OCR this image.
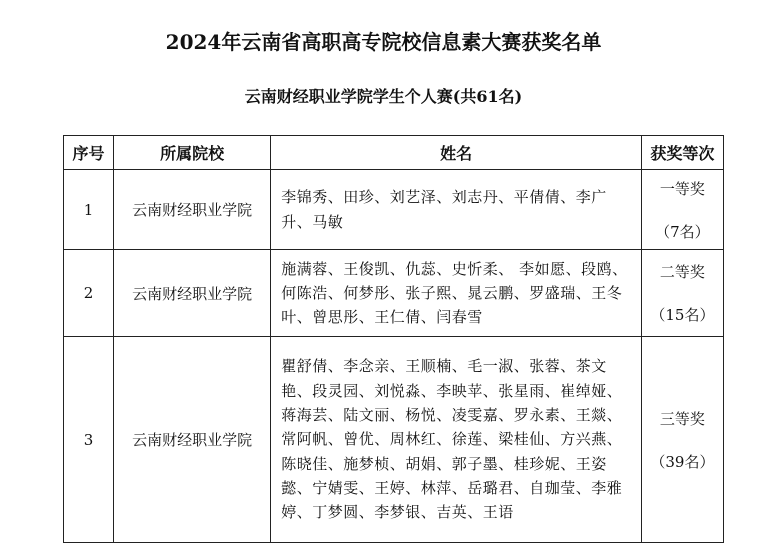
2024年云南省高职高专院校信息素大赛获奖名单
云南财经职业学院学生个人赛(共61名)
序号	所属院校	姓名	获奖等次
1	云南财经职业学院	李锦秀、田珍、刘艺泽、刘志丹、平倩倩、李广升、马敏	一等奖
（7名）

2	云南财经职业学院	施满蓉、王俊凯、仇蕊、史忻柔、 李如愿、段鸥、何陈浩、何梦彤、张子熙、晁云鹏、罗盛瑞、王冬叶、曾思彤、王仁倩、闫春雪	二等奖
（15名）

3	云南财经职业学院	瞿舒倩、李念亲、王顺楠、毛一淑、张蓉、茶文艳、段灵园、刘悦淼、李映苹、张星雨、崔绰娅、蒋海芸、陆文丽、杨悦、凌雯嘉、罗永素、王燚、常阿帆、曾优、周林红、徐莲、梁桂仙、方兴燕、陈晓佳、施梦桢、胡娟、郭子墨、桂珍妮、王姿懿、宁婧雯、王婷、林萍、岳璐君、自珈莹、李雅婷、丁梦圆、李梦银、吉英、王语	三等奖
（39名）
